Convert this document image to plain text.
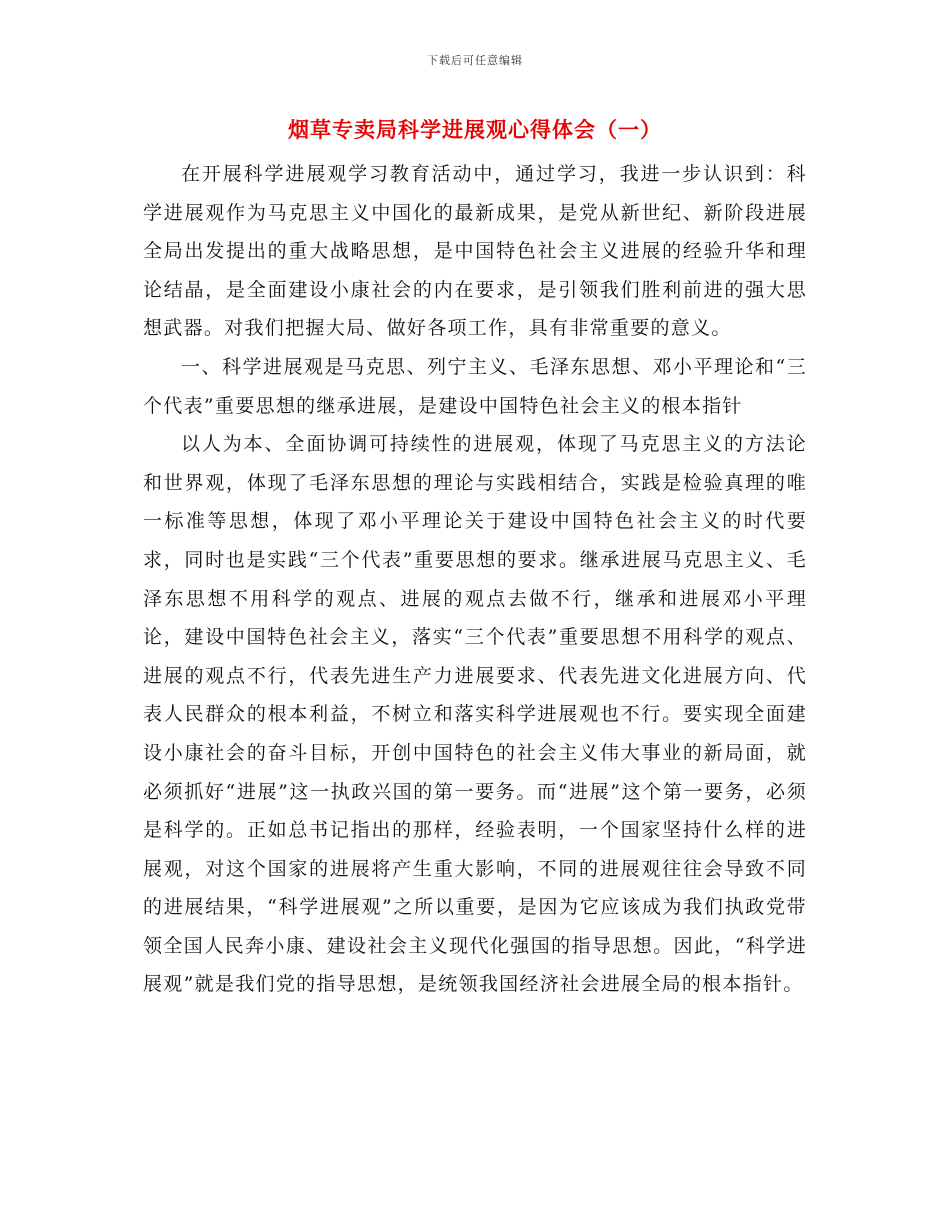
下载后可任意编辑
烟草专卖局科学进展观心得体会（一）

在开展科学进展观学习教育活动中，通过学习，我进一步认识到：科学进展观作为马克思主义中国化的最新成果，是党从新世纪、新阶段进展全局出发提出的重大战略思想，是中国特色社会主义进展的经验升华和理论结晶，是全面建设小康社会的内在要求，是引领我们胜利前进的强大思想武器。对我们把握大局、做好各项工作，具有非常重要的意义。

一、科学进展观是马克思、列宁主义、毛泽东思想、邓小平理论和“三个代表”重要思想的继承进展，是建设中国特色社会主义的根本指针

以人为本、全面协调可持续性的进展观，体现了马克思主义的方法论和世界观，体现了毛泽东思想的理论与实践相结合，实践是检验真理的唯一标准等思想，体现了邓小平理论关于建设中国特色社会主义的时代要求，同时也是实践“三个代表”重要思想的要求。继承进展马克思主义、毛泽东思想不用科学的观点、进展的观点去做不行，继承和进展邓小平理论，建设中国特色社会主义，落实“三个代表”重要思想不用科学的观点、进展的观点不行，代表先进生产力进展要求、代表先进文化进展方向、代表人民群众的根本利益，不树立和落实科学进展观也不行。要实现全面建设小康社会的奋斗目标，开创中国特色的社会主义伟大事业的新局面，就必须抓好“进展”这一执政兴国的第一要务。而“进展”这个第一要务，必须是科学的。正如总书记指出的那样，经验表明，一个国家坚持什么样的进展观，对这个国家的进展将产生重大影响，不同的进展观往往会导致不同的进展结果，“科学进展观”之所以重要，是因为它应该成为我们执政党带领全国人民奔小康、建设社会主义现代化强国的指导思想。因此，“科学进展观”就是我们党的指导思想，是统领我国经济社会进展全局的根本指针。
